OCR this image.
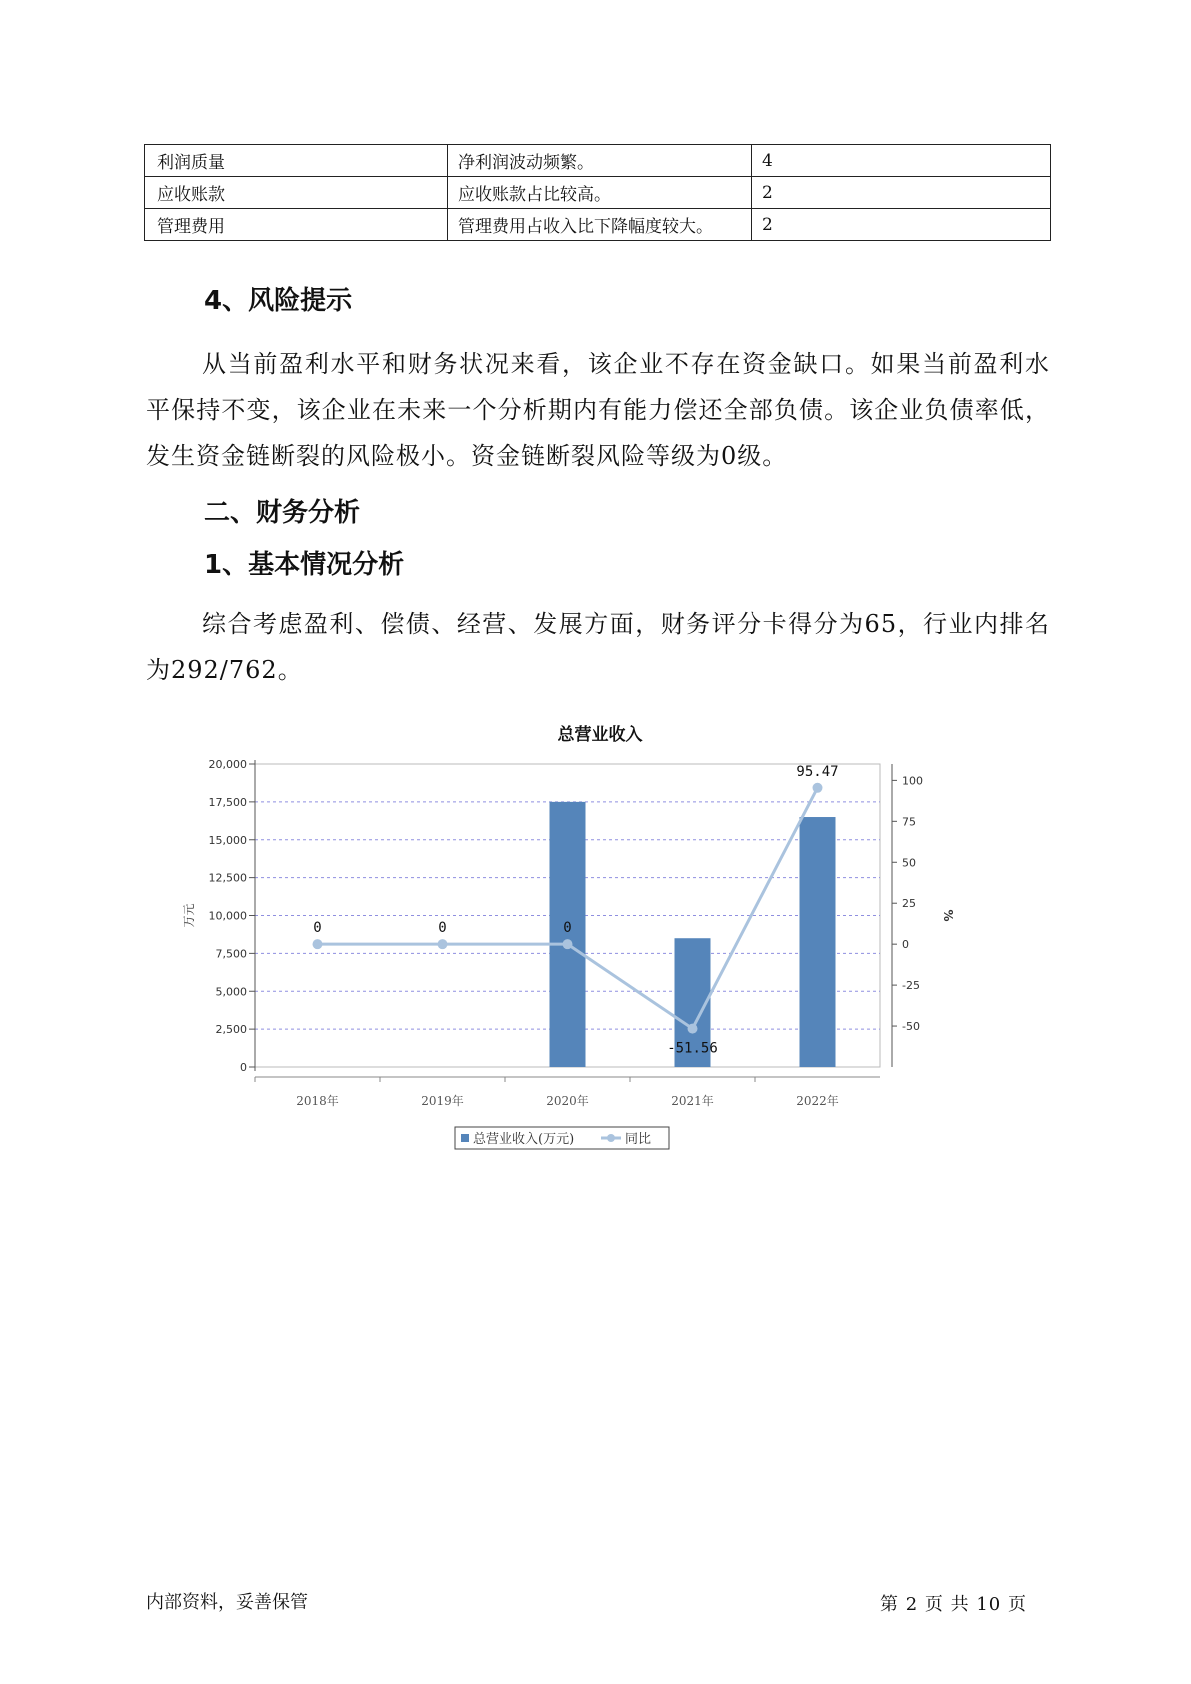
利润质量	净利润波动频繁。	4
应收账款	应收账款占比较高。	2
管理费用	管理费用占收入比下降幅度较大。	2
4、风险提示

从当前盈利水平和财务状况来看，该企业不存在资金缺口。如果当前盈利水平保持不变，该企业在未来一个分析期内有能力偿还全部负债。该企业负债率低，发生资金链断裂的风险极小。资金链断裂风险等级为0级。

二、财务分析
1、基本情况分析

综合考虑盈利、偿债、经营、发展方面，财务评分卡得分为65，行业内排名为292/762。

总营业收入
0
2,500
5,000
7,500
10,000
12,500
15,000
17,500
20,000
-50
-25
0
25
50
75
100
万元	%
2018年	2019年	2020年	2021年	2022年
0	0	0
-51.56
95.47
总营业收入(万元)	同比
内部资料，妥善保管	第 2 页 共 10 页
